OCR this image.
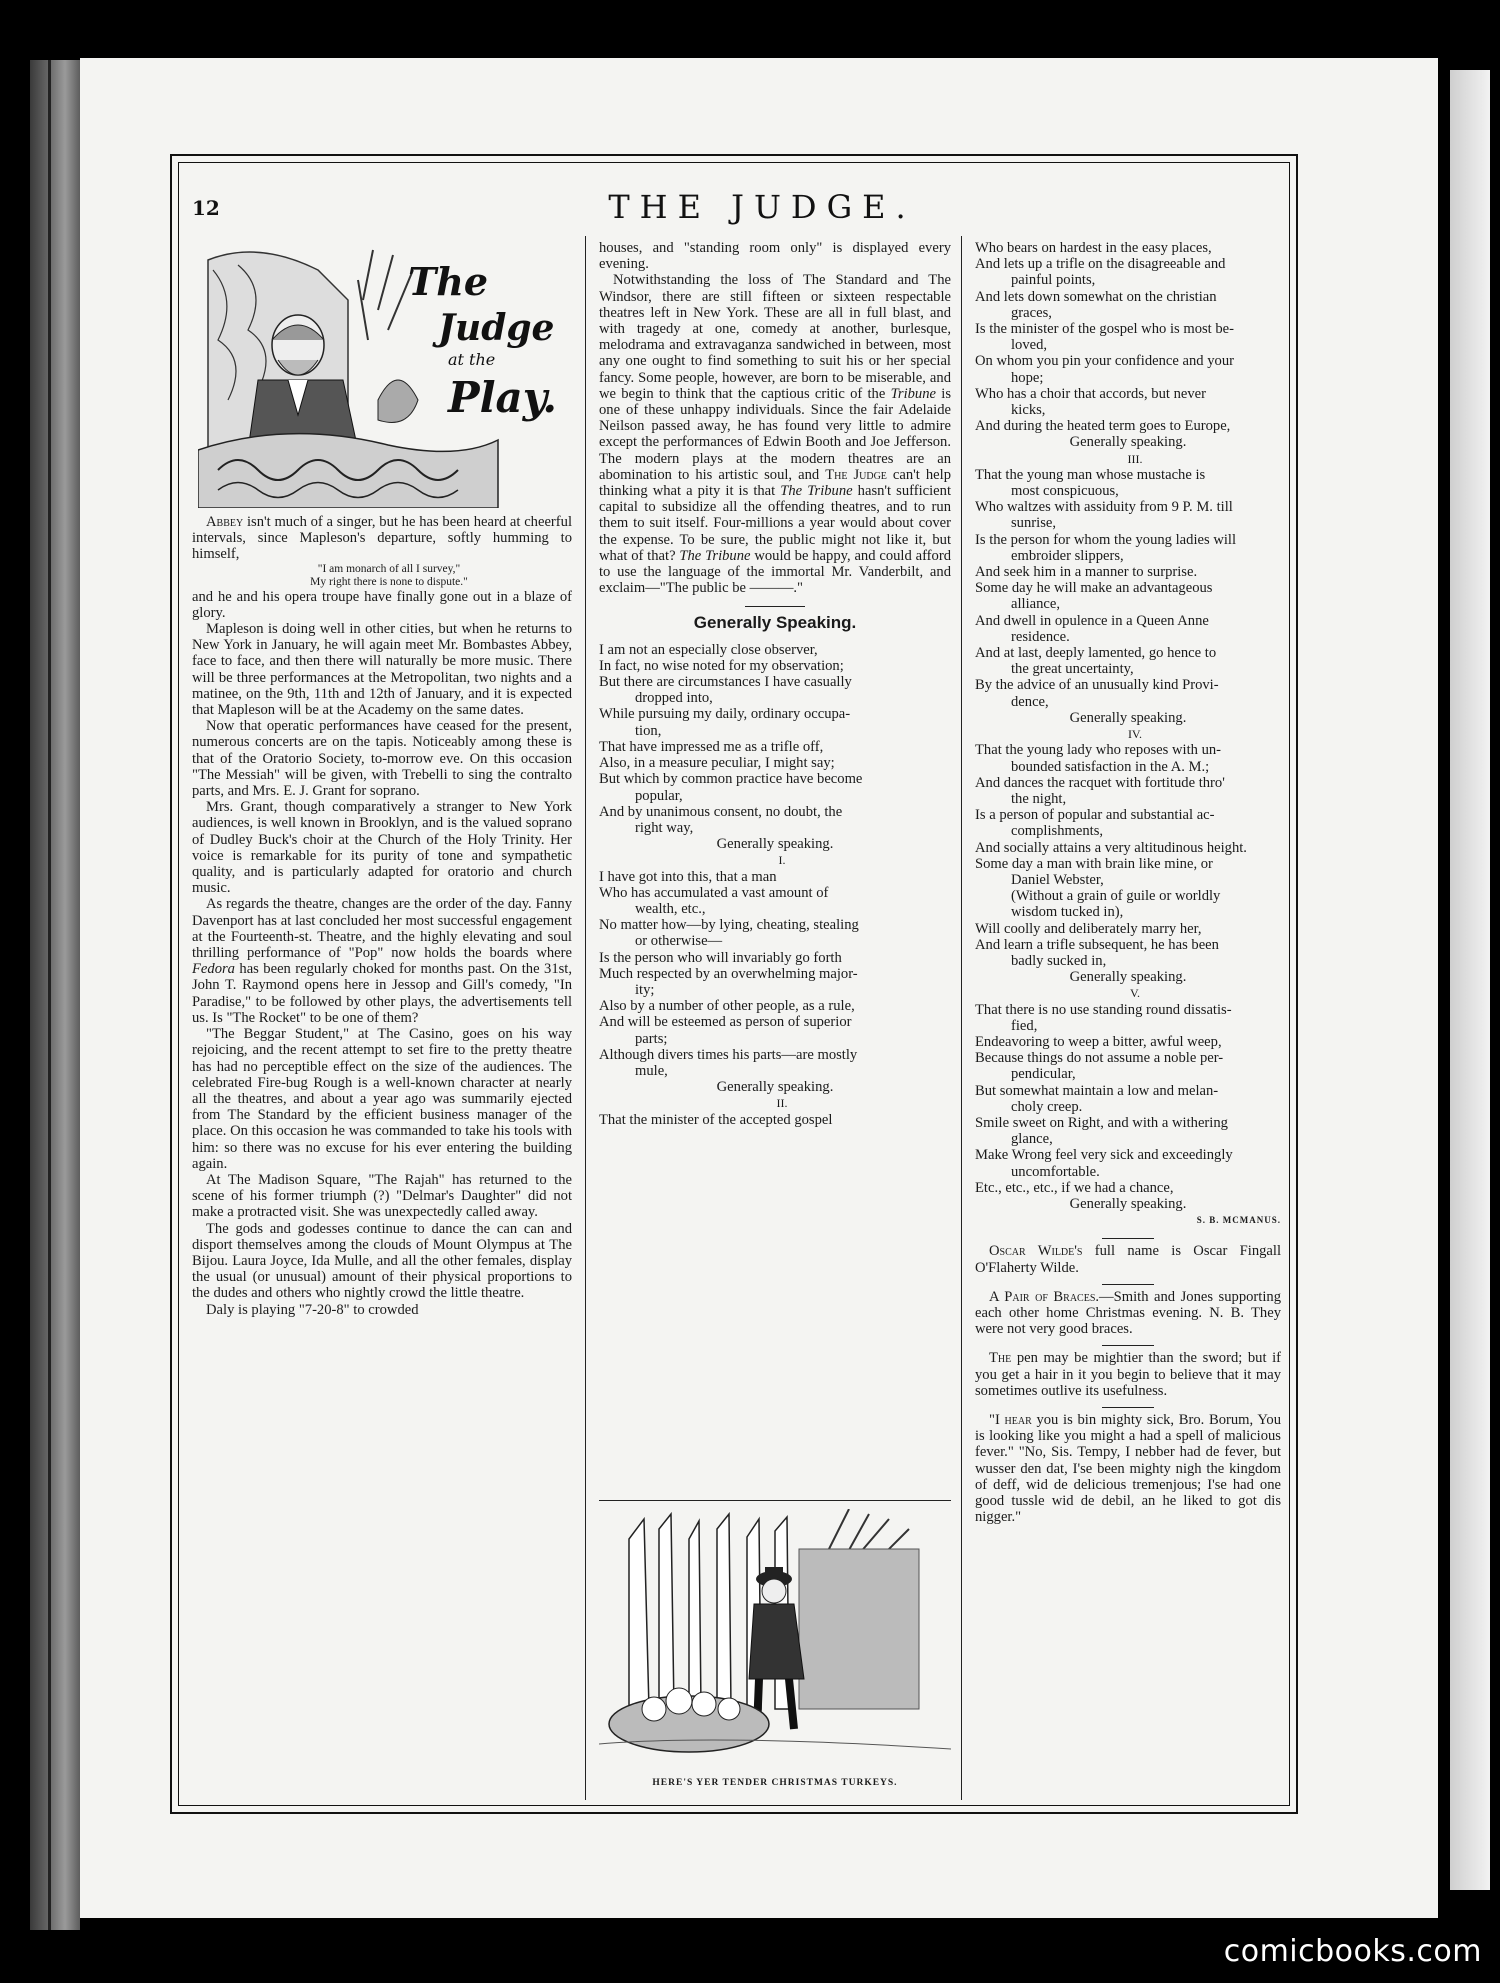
12	THE JUDGE.
The
Judge
at the
Play.

Abbey isn't much of a singer, but he has been heard at cheerful intervals, since Mapleson's departure, softly humming to himself,

"I am monarch of all I survey,"

My right there is none to dispute."

and he and his opera troupe have finally gone out in a blaze of glory.

Mapleson is doing well in other cities, but when he returns to New York in January, he will again meet Mr. Bombastes Abbey, face to face, and then there will naturally be more music. There will be three performances at the Metropolitan, two nights and a matinee, on the 9th, 11th and 12th of January, and it is expected that Mapleson will be at the Academy on the same dates.

Now that operatic performances have ceased for the present, numerous concerts are on the tapis. Noticeably among these is that of the Oratorio Society, to-morrow eve. On this occasion "The Messiah" will be given, with Trebelli to sing the contralto parts, and Mrs. E. J. Grant for soprano.

Mrs. Grant, though comparatively a stranger to New York audiences, is well known in Brooklyn, and is the valued soprano of Dudley Buck's choir at the Church of the Holy Trinity. Her voice is remarkable for its purity of tone and sympathetic quality, and is particularly adapted for oratorio and church music.

As regards the theatre, changes are the order of the day. Fanny Davenport has at last concluded her most successful engagement at the Fourteenth-st. Theatre, and the highly elevating and soul thrilling performance of "Pop" now holds the boards where Fedora has been regularly choked for months past. On the 31st, John T. Raymond opens here in Jessop and Gill's comedy, "In Paradise," to be followed by other plays, the advertisements tell us. Is "The Rocket" to be one of them?

"The Beggar Student," at The Casino, goes on his way rejoicing, and the recent attempt to set fire to the pretty theatre has had no perceptible effect on the size of the audiences. The celebrated Fire-bug Rough is a well-known character at nearly all the theatres, and about a year ago was summarily ejected from The Standard by the efficient business manager of the place. On this occasion he was commanded to take his tools with him: so there was no excuse for his ever entering the building again.

At The Madison Square, "The Rajah" has returned to the scene of his former triumph (?) "Delmar's Daughter" did not make a protracted visit. She was unexpectedly called away.

The gods and godesses continue to dance the can can and disport themselves among the clouds of Mount Olympus at The Bijou. Laura Joyce, Ida Mulle, and all the other females, display the usual (or unusual) amount of their physical proportions to the dudes and others who nightly crowd the little theatre.

Daly is playing "7-20-8" to crowded

houses, and "standing room only" is displayed every evening.

Notwithstanding the loss of The Standard and The Windsor, there are still fifteen or sixteen respectable theatres left in New York. These are all in full blast, and with tragedy at one, comedy at another, burlesque, melodrama and extravaganza sandwiched in between, most any one ought to find something to suit his or her special fancy. Some people, however, are born to be miserable, and we begin to think that the captious critic of the Tribune is one of these unhappy individuals. Since the fair Adelaide Neilson passed away, he has found very little to admire except the performances of Edwin Booth and Joe Jefferson. The modern plays at the modern theatres are an abomination to his artistic soul, and The Judge can't help thinking what a pity it is that The Tribune hasn't sufficient capital to subsidize all the offending theatres, and to run them to suit itself. Four-millions a year would about cover the expense. To be sure, the public might not like it, but what of that? The Tribune would be happy, and could afford to use the language of the immortal Mr. Vanderbilt, and exclaim—"The public be ———."

Generally Speaking.

I am not an especially close observer,

In fact, no wise noted for my observation;

But there are circumstances I have casually

dropped into,

While pursuing my daily, ordinary occupa-

tion,

That have impressed me as a trifle off,

Also, in a measure peculiar, I might say;

But which by common practice have become

popular,

And by unanimous consent, no doubt, the

right way,

Generally speaking.

I.

I have got into this, that a man

Who has accumulated a vast amount of

wealth, etc.,

No matter how—by lying, cheating, stealing

or otherwise—

Is the person who will invariably go forth

Much respected by an overwhelming major-

ity;

Also by a number of other people, as a rule,

And will be esteemed as person of superior

parts;

Although divers times his parts—are mostly

mule,

Generally speaking.

II.

That the minister of the accepted gospel

HERE'S YER TENDER CHRISTMAS TURKEYS.

Who bears on hardest in the easy places,

And lets up a trifle on the disagreeable and

painful points,

And lets down somewhat on the christian

graces,

Is the minister of the gospel who is most be-

loved,

On whom you pin your confidence and your

hope;

Who has a choir that accords, but never

kicks,

And during the heated term goes to Europe,

Generally speaking.

III.

That the young man whose mustache is

most conspicuous,

Who waltzes with assiduity from 9 P. M. till

sunrise,

Is the person for whom the young ladies will

embroider slippers,

And seek him in a manner to surprise.

Some day he will make an advantageous

alliance,

And dwell in opulence in a Queen Anne

residence.

And at last, deeply lamented, go hence to

the great uncertainty,

By the advice of an unusually kind Provi-

dence,

Generally speaking.

IV.

That the young lady who reposes with un-

bounded satisfaction in the A. M.;

And dances the racquet with fortitude thro'

the night,

Is a person of popular and substantial ac-

complishments,

And socially attains a very altitudinous height.

Some day a man with brain like mine, or

Daniel Webster,

(Without a grain of guile or worldly

wisdom tucked in),

Will coolly and deliberately marry her,

And learn a trifle subsequent, he has been

badly sucked in,

Generally speaking.

V.

That there is no use standing round dissatis-

fied,

Endeavoring to weep a bitter, awful weep,

Because things do not assume a noble per-

pendicular,

But somewhat maintain a low and melan-

choly creep.

Smile sweet on Right, and with a withering

glance,

Make Wrong feel very sick and exceedingly

uncomfortable.

Etc., etc., etc., if we had a chance,

Generally speaking.

S. B. MCMANUS.

Oscar Wilde's full name is Oscar Fingall O'Flaherty Wilde.

A Pair of Braces.—Smith and Jones supporting each other home Christmas evening. N. B. They were not very good braces.

The pen may be mightier than the sword; but if you get a hair in it you begin to believe that it may sometimes outlive its usefulness.

"I hear you is bin mighty sick, Bro. Borum, You is looking like you might a had a spell of malicious fever." "No, Sis. Tempy, I nebber had de fever, but wusser den dat, I'se been mighty nigh the kingdom of deff, wid de delicious tremenjous; I'se had one good tussle wid de debil, an he liked to got dis nigger."

comicbooks.com
